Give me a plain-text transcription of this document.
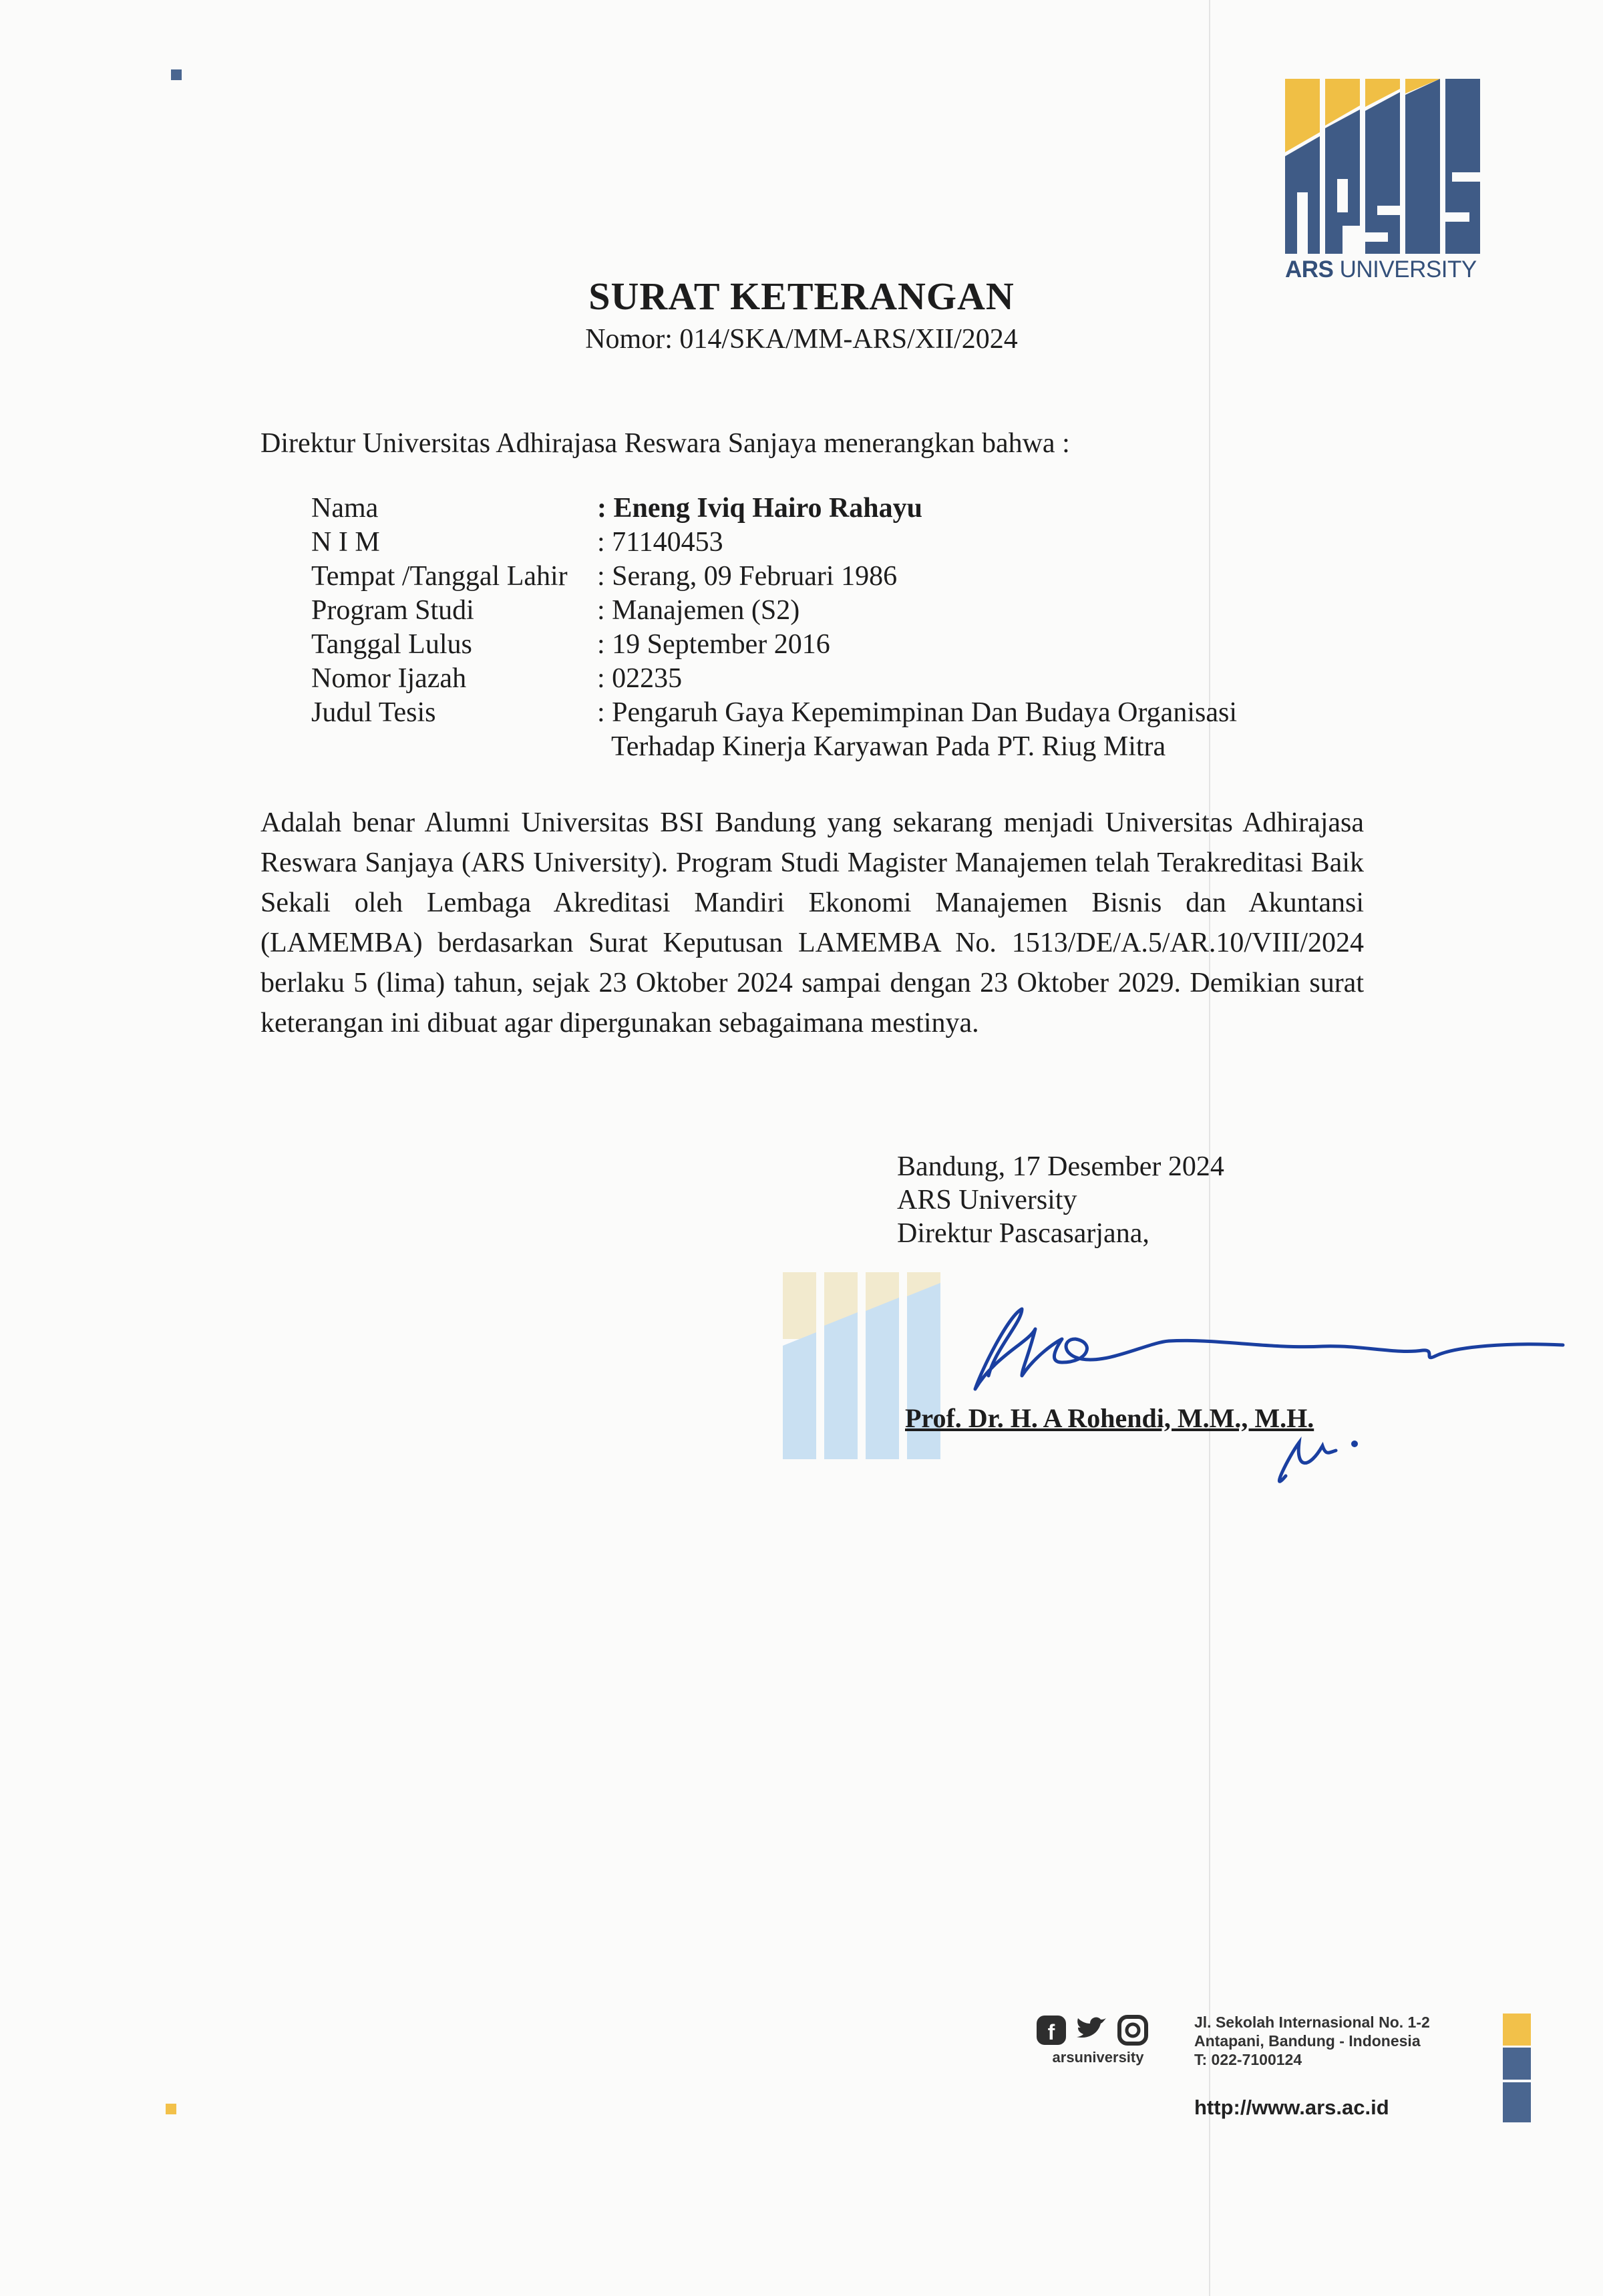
ARS UNIVERSITY
SURAT KETERANGAN
Nomor: 014/SKA/MM-ARS/XII/2024
Direktur Universitas Adhirajasa Reswara Sanjaya menerangkan bahwa :
Nama	: Eneng Iviq Hairo Rahayu
N I M	: 71140453
Tempat /Tanggal Lahir	: Serang, 09 Februari 1986
Program Studi	: Manajemen (S2)
Tanggal Lulus	: 19 September 2016
Nomor Ijazah	: 02235
Judul Tesis	: Pengaruh Gaya Kepemimpinan Dan Budaya Organisasi
Terhadap Kinerja Karyawan Pada PT. Riug Mitra
Adalah benar Alumni Universitas BSI Bandung yang sekarang menjadi Universitas Adhirajasa Reswara Sanjaya (ARS University). Program Studi Magister Manajemen telah Terakreditasi Baik Sekali oleh Lembaga Akreditasi Mandiri Ekonomi Manajemen Bisnis dan Akuntansi (LAMEMBA) berdasarkan Surat Keputusan LAMEMBA No. 1513/DE/A.5/AR.10/VIII/2024 berlaku 5 (lima) tahun, sejak 23 Oktober 2024 sampai dengan 23 Oktober 2029. Demikian surat keterangan ini dibuat agar dipergunakan sebagaimana mestinya.
Bandung, 17 Desember 2024
ARS University
Direktur Pascasarjana,
Prof. Dr. H. A Rohendi, M.M., M.H.
f
arsuniversity
Jl. Sekolah Internasional No. 1-2
Antapani, Bandung - Indonesia
T: 022-7100124
http://www.ars.ac.id
